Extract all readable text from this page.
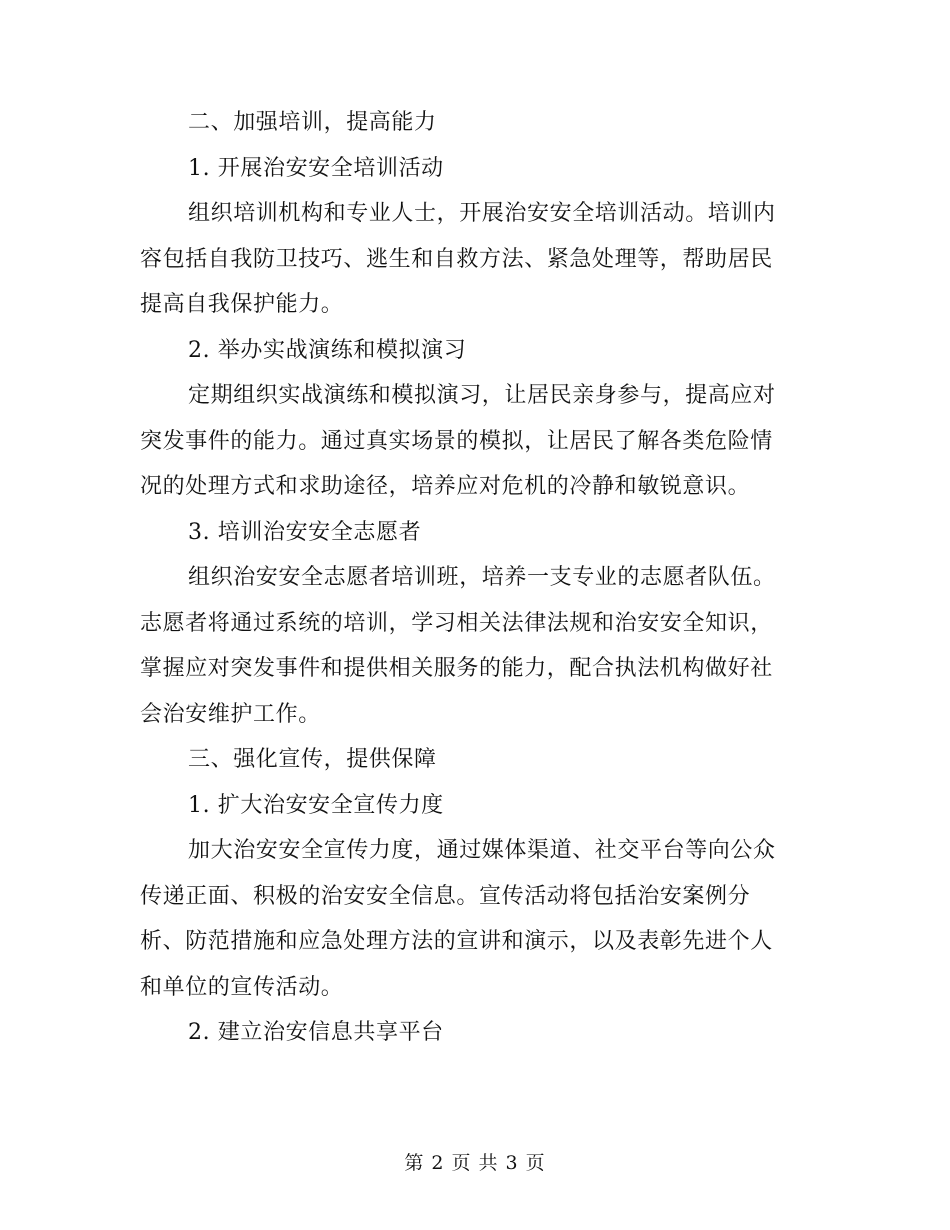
二、加强培训，提高能力
1. 开展治安安全培训活动
组织培训机构和专业人士，开展治安安全培训活动。培训内
容包括自我防卫技巧、逃生和自救方法、紧急处理等，帮助居民
提高自我保护能力。
2. 举办实战演练和模拟演习
定期组织实战演练和模拟演习，让居民亲身参与，提高应对
突发事件的能力。通过真实场景的模拟，让居民了解各类危险情
况的处理方式和求助途径，培养应对危机的冷静和敏锐意识。
3. 培训治安安全志愿者
组织治安安全志愿者培训班，培养一支专业的志愿者队伍。
志愿者将通过系统的培训，学习相关法律法规和治安安全知识，
掌握应对突发事件和提供相关服务的能力，配合执法机构做好社
会治安维护工作。
三、强化宣传，提供保障
1. 扩大治安安全宣传力度
加大治安安全宣传力度，通过媒体渠道、社交平台等向公众
传递正面、积极的治安安全信息。宣传活动将包括治安案例分
析、防范措施和应急处理方法的宣讲和演示，以及表彰先进个人
和单位的宣传活动。
2. 建立治安信息共享平台
第 2 页 共 3 页
